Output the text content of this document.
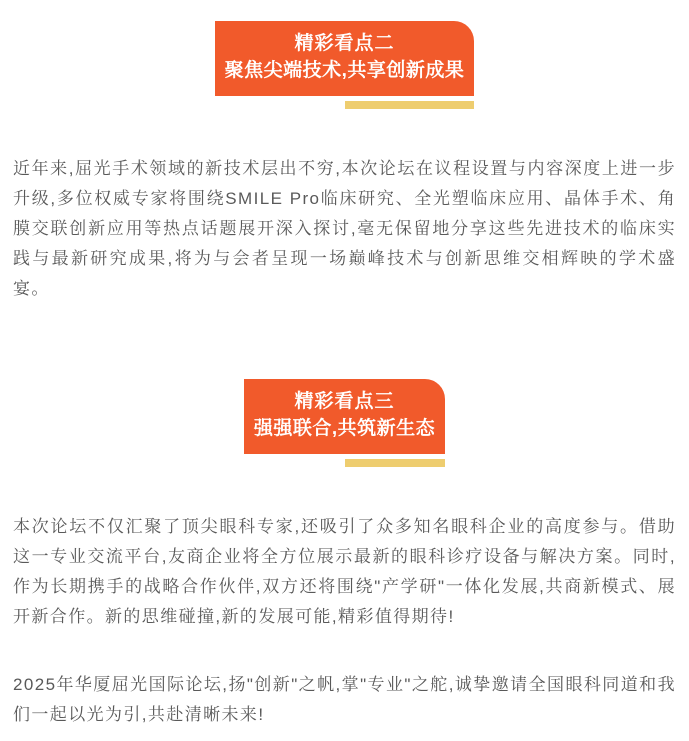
精彩看点二
聚焦尖端技术,共享创新成果

近年来,屈光手术领域的新技术层出不穷,本次论坛在议程设置与内容深度上进一步升级,多位权威专家将围绕SMILE Pro临床研究、全光塑临床应用、晶体手术、角膜交联创新应用等热点话题展开深入探讨,毫无保留地分享这些先进技术的临床实践与最新研究成果,将为与会者呈现一场巅峰技术与创新思维交相辉映的学术盛宴。

精彩看点三
强强联合,共筑新生态

本次论坛不仅汇聚了顶尖眼科专家,还吸引了众多知名眼科企业的高度参与。借助这一专业交流平台,友商企业将全方位展示最新的眼科诊疗设备与解决方案。同时,作为长期携手的战略合作伙伴,双方还将围绕"产学研"一体化发展,共商新模式、展开新合作。新的思维碰撞,新的发展可能,精彩值得期待!

2025年华厦屈光国际论坛,扬"创新"之帆,掌"专业"之舵,诚挚邀请全国眼科同道和我们一起以光为引,共赴清晰未来!
